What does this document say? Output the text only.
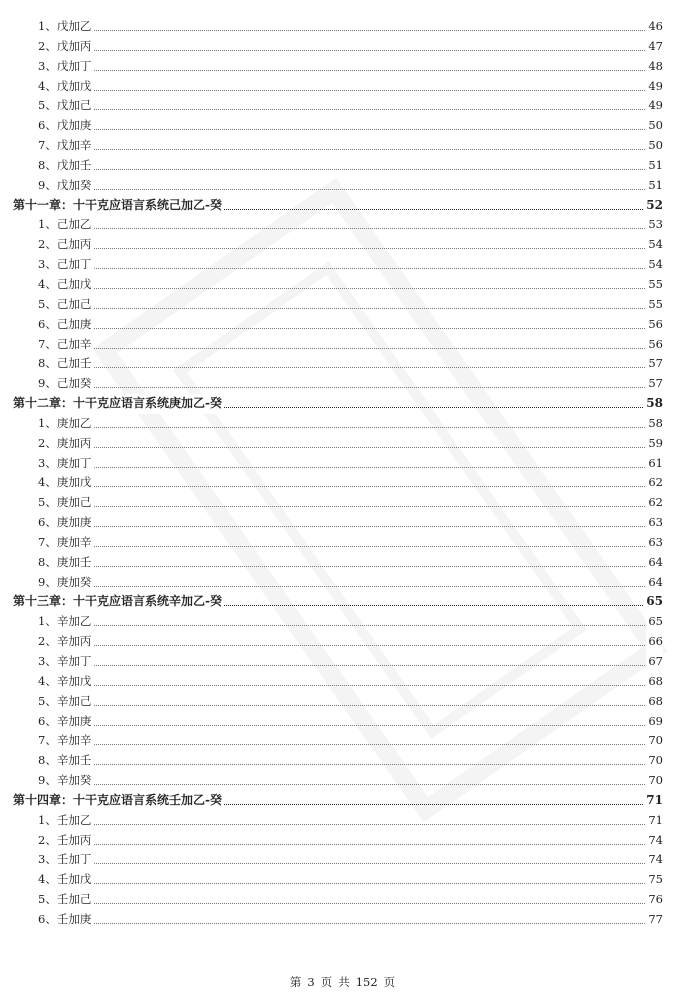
1、戊加乙	46
2、戊加丙	47
3、戊加丁	48
4、戊加戊	49
5、戊加己	49
6、戊加庚	50
7、戊加辛	50
8、戊加壬	51
9、戊加癸	51
第十一章：十干克应语言系统己加乙-癸	52
1、己加乙	53
2、己加丙	54
3、己加丁	54
4、己加戊	55
5、己加己	55
6、己加庚	56
7、己加辛	56
8、己加壬	57
9、己加癸	57
第十二章：十干克应语言系统庚加乙-癸	58
1、庚加乙	58
2、庚加丙	59
3、庚加丁	61
4、庚加戊	62
5、庚加己	62
6、庚加庚	63
7、庚加辛	63
8、庚加壬	64
9、庚加癸	64
第十三章：十干克应语言系统辛加乙-癸	65
1、辛加乙	65
2、辛加丙	66
3、辛加丁	67
4、辛加戊	68
5、辛加己	68
6、辛加庚	69
7、辛加辛	70
8、辛加壬	70
9、辛加癸	70
第十四章：十干克应语言系统壬加乙-癸	71
1、壬加乙	71
2、壬加丙	74
3、壬加丁	74
4、壬加戊	75
5、壬加己	76
6、壬加庚	77
第 3 页 共 152 页
